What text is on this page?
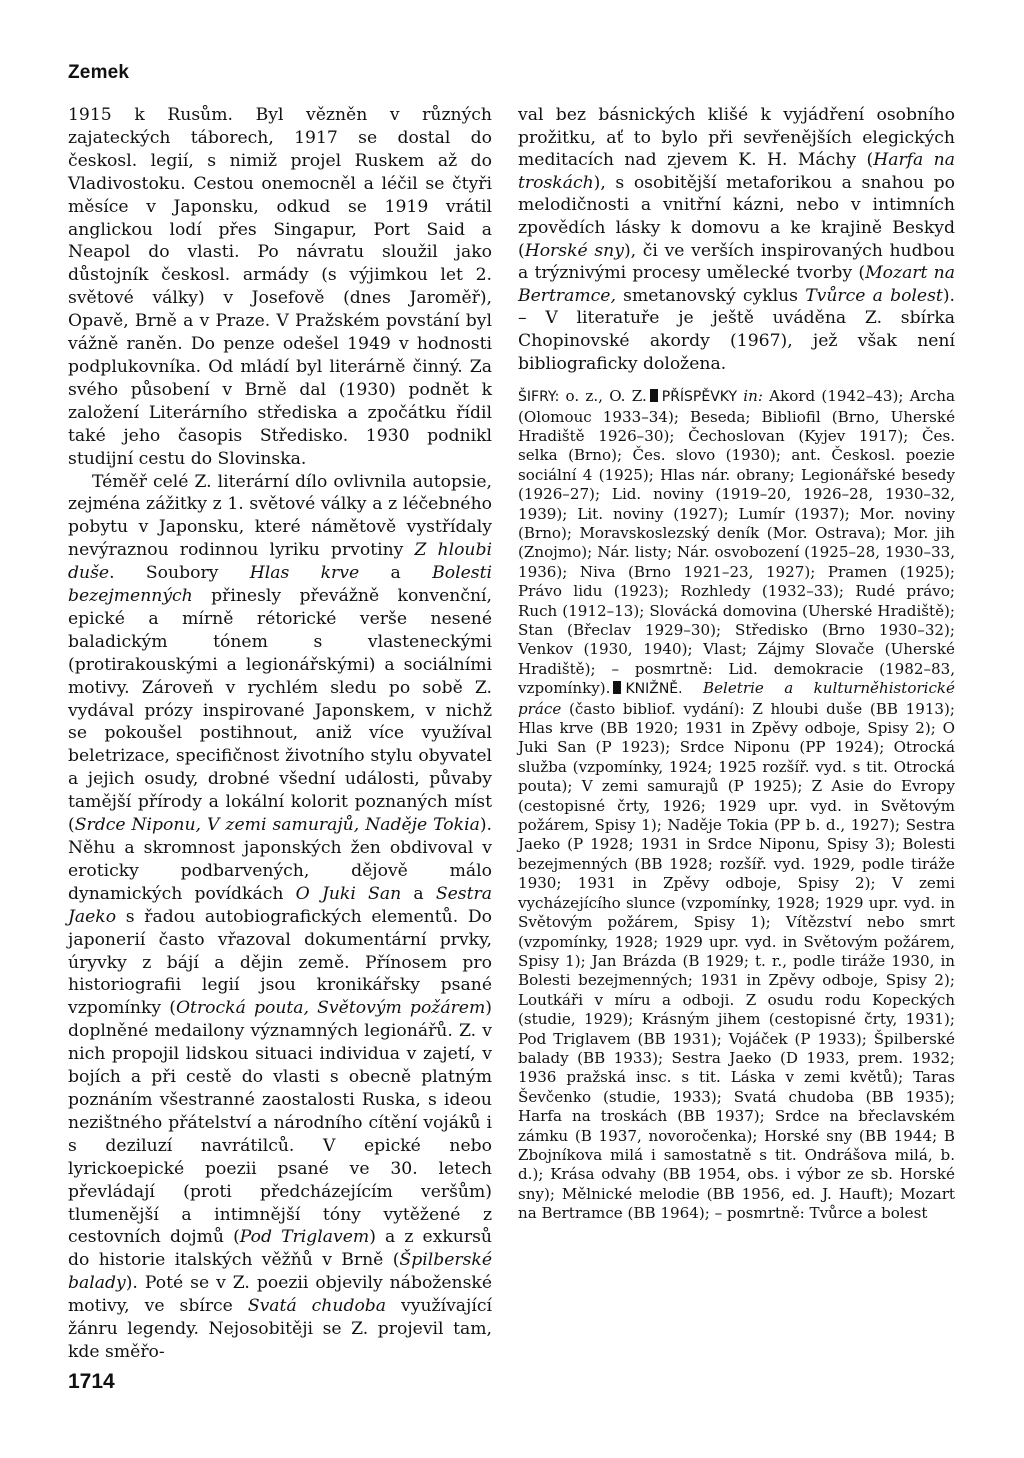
Zemek

1915 k Rusům. Byl vězněn v různých zajateckých táborech, 1917 se dostal do českosl. legií, s nimiž projel Ruskem až do Vladivostoku. Cestou onemocněl a léčil se čtyři měsíce v Japonsku, odkud se 1919 vrátil anglickou lodí přes Singapur, Port Said a Neapol do vlasti. Po návratu sloužil jako důstojník českosl. armády (s výjimkou let 2. světové války) v Josefově (dnes Jaroměř), Opavě, Brně a v Praze. V Pražském povstání byl vážně raněn. Do penze odešel 1949 v hodnosti podplukovníka. Od mládí byl literárně činný. Za svého působení v Brně dal (1930) podnět k založení Literárního střediska a zpočátku řídil také jeho časopis Středisko. 1930 podnikl studijní cestu do Slovinska.

Téměř celé Z. literární dílo ovlivnila autopsie, zejména zážitky z 1. světové války a z léčebného pobytu v Japonsku, které námětově vystřídaly nevýraznou rodinnou lyriku prvotiny Z hloubi duše. Soubory Hlas krve a Bolesti bezejmenných přinesly převážně konvenční, epické a mírně rétorické verše nesené baladickým tónem s vlasteneckými (protirakouskými a legionářskými) a sociálními motivy. Zároveň v rychlém sledu po sobě Z. vydával prózy inspirované Japonskem, v nichž se pokoušel postihnout, aniž více využíval beletrizace, specifičnost životního stylu obyvatel a jejich osudy, drobné všední události, půvaby tamější přírody a lokální kolorit poznaných míst (Srdce Niponu, V zemi samurajů, Naděje Tokia). Něhu a skromnost japonských žen obdivoval v eroticky podbarvených, dějově málo dynamických povídkách O Juki San a Sestra Jaeko s řadou autobiografických elementů. Do japonerií často vřazoval dokumentární prvky, úryvky z bájí a dějin země. Přínosem pro historiografii legií jsou kronikářsky psané vzpomínky (Otrocká pouta, Světovým požárem) doplněné medailony významných legionářů. Z. v nich propojil lidskou situaci individua v zajetí, v bojích a při cestě do vlasti s obecně platným poznáním všestranné zaostalosti Ruska, s ideou nezištného přátelství a národního cítění vojáků i s deziluzí navrátilců. V epické nebo lyrickoepické poezii psané ve 30. letech převládají (proti předcházejícím veršům) tlumenější a intimnější tóny vytěžené z cestovních dojmů (Pod Triglavem) a z exkursů do historie italských věžňů v Brně (Špilberské balady). Poté se v Z. poezii objevily náboženské motivy, ve sbírce Svatá chudoba využívající žánru legendy. Nejosobitěji se Z. projevil tam, kde směřo-

val bez básnických klišé k vyjádření osobního prožitku, ať to bylo při sevřenějších elegických meditacích nad zjevem K. H. Máchy (Harfa na troskách), s osobitější metaforikou a snahou po melodičnosti a vnitřní kázni, nebo v intimních zpovědích lásky k domovu a ke krajině Beskyd (Horské sny), či ve verších inspirovaných hudbou a trýznivými procesy umělecké tvorby (Mozart na Bertramce, smetanovský cyklus Tvůrce a bolest). – V literatuře je ještě uváděna Z. sbírka Chopinovské akordy (1967), jež však není bibliograficky doložena.

ŠIFRY: o. z., O. Z. PŘÍSPĚVKY in: Akord (1942–43); Archa (Olomouc 1933–34); Beseda; Bibliofil (Brno, Uherské Hradiště 1926–30); Čechoslovan (Kyjev 1917); Čes. selka (Brno); Čes. slovo (1930); ant. Českosl. poezie sociální 4 (1925); Hlas nár. obrany; Legionářské besedy (1926–27); Lid. noviny (1919–20, 1926–28, 1930–32, 1939); Lit. noviny (1927); Lumír (1937); Mor. noviny (Brno); Moravskoslezský deník (Mor. Ostrava); Mor. jih (Znojmo); Nár. listy; Nár. osvobození (1925–28, 1930–33, 1936); Niva (Brno 1921–23, 1927); Pramen (1925); Právo lidu (1923); Rozhledy (1932–33); Rudé právo; Ruch (1912–13); Slovácká domovina (Uherské Hradiště); Stan (Břeclav 1929–30); Středisko (Brno 1930–32); Venkov (1930, 1940); Vlast; Zájmy Slovače (Uherské Hradiště); – posmrtně: Lid. demokracie (1982–83, vzpomínky). KNIŽNĚ. Beletrie a kulturněhistorické práce (často bibliof. vydání): Z hloubi duše (BB 1913); Hlas krve (BB 1920; 1931 in Zpěvy odboje, Spisy 2); O Juki San (P 1923); Srdce Niponu (PP 1924); Otrocká služba (vzpomínky, 1924; 1925 rozšíř. vyd. s tit. Otrocká pouta); V zemi samurajů (P 1925); Z Asie do Evropy (cestopisné črty, 1926; 1929 upr. vyd. in Světovým požárem, Spisy 1); Naděje Tokia (PP b. d., 1927); Sestra Jaeko (P 1928; 1931 in Srdce Niponu, Spisy 3); Bolesti bezejmenných (BB 1928; rozšíř. vyd. 1929, podle tiráže 1930; 1931 in Zpěvy odboje, Spisy 2); V zemi vycházejícího slunce (vzpomínky, 1928; 1929 upr. vyd. in Světovým požárem, Spisy 1); Vítězství nebo smrt (vzpomínky, 1928; 1929 upr. vyd. in Světovým požárem, Spisy 1); Jan Brázda (B 1929; t. r., podle tiráže 1930, in Bolesti bezejmenných; 1931 in Zpěvy odboje, Spisy 2); Loutkáři v míru a odboji. Z osudu rodu Kopeckých (studie, 1929); Krásným jihem (cestopisné črty, 1931); Pod Triglavem (BB 1931); Vojáček (P 1933); Špilberské balady (BB 1933); Sestra Jaeko (D 1933, prem. 1932; 1936 pražská insc. s tit. Láska v zemi květů); Taras Ševčenko (studie, 1933); Svatá chudoba (BB 1935); Harfa na troskách (BB 1937); Srdce na břeclavském zámku (B 1937, novoročenka); Horské sny (BB 1944; B Zbojníkova milá i samostatně s tit. Ondrášova milá, b. d.); Krása odvahy (BB 1954, obs. i výbor ze sb. Horské sny); Mělnické melodie (BB 1956, ed. J. Hauft); Mozart na Bertramce (BB 1964); – posmrtně: Tvůrce a bolest

1714
